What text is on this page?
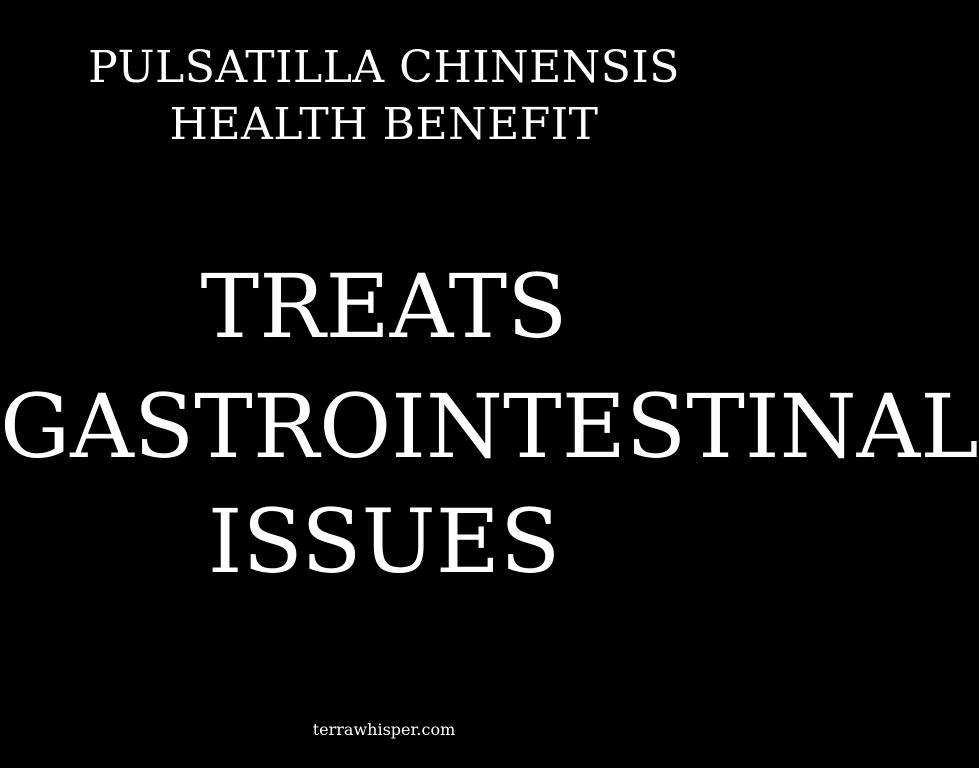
PULSATILLA CHINENSIS
HEALTH BENEFIT
TREATS
GASTROINTESTINAL
ISSUES
terrawhisper.com
